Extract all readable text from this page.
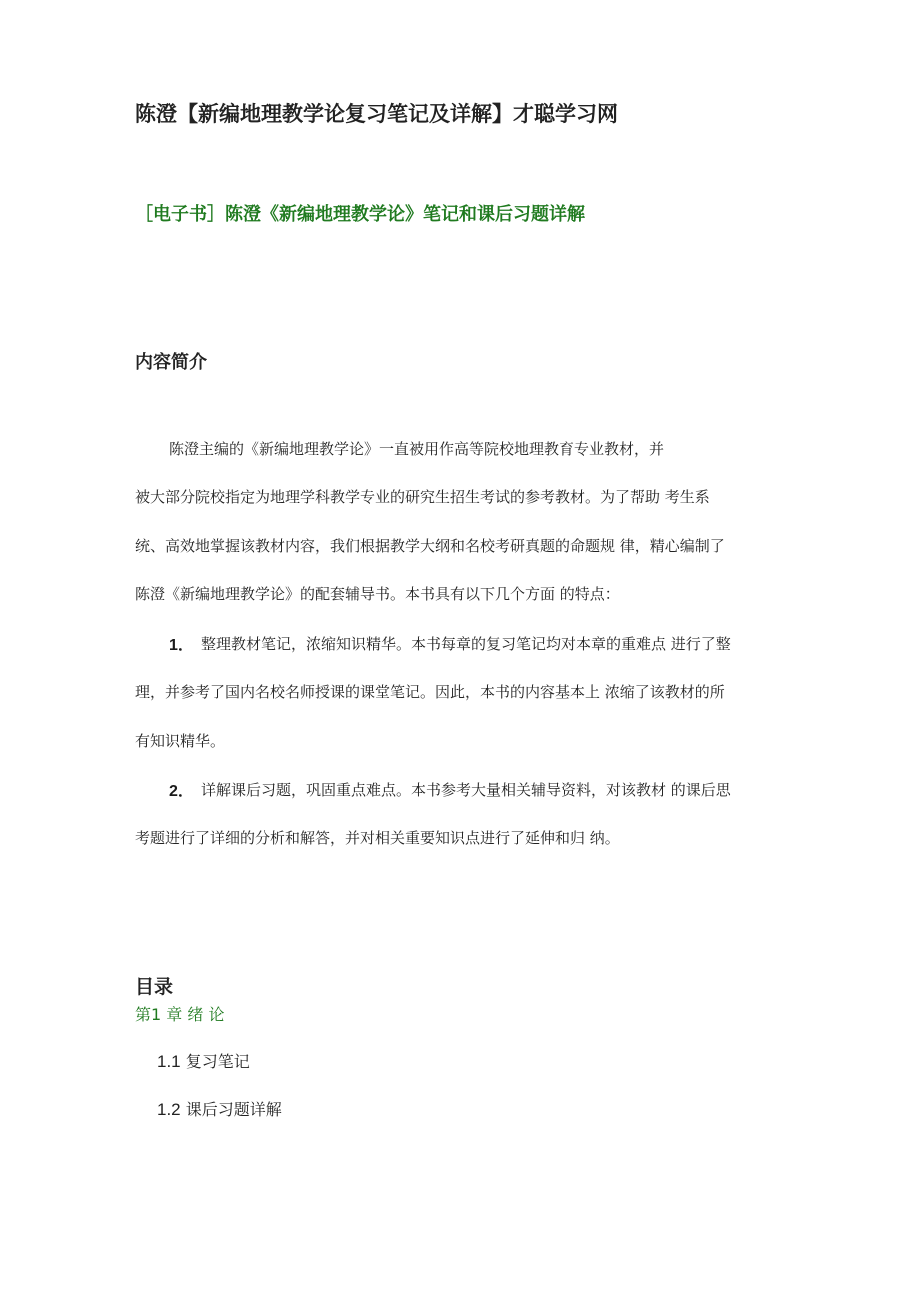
陈澄【新编地理教学论复习笔记及详解】才聪学习网
［电子书］陈澄《新编地理教学论》笔记和课后习题详解
内容简介
陈澄主编的《新编地理教学论》一直被用作高等院校地理教育专业教材，并
被大部分院校指定为地理学科教学专业的研究生招生考试的参考教材。为了帮助 考生系
统、高效地掌握该教材内容，我们根据教学大纲和名校考研真题的命题规 律，精心编制了
陈澄《新编地理教学论》的配套辅导书。本书具有以下几个方面 的特点：
1． 整理教材笔记，浓缩知识精华。本书每章的复习笔记均对本章的重难点 进行了整
理，并参考了国内名校名师授课的课堂笔记。因此，本书的内容基本上 浓缩了该教材的所
有知识精华。
2． 详解课后习题，巩固重点难点。本书参考大量相关辅导资料，对该教材 的课后思
考题进行了详细的分析和解答，并对相关重要知识点进行了延伸和归 纳。
目录
第1 章 绪 论
1.1 复习笔记
1.2 课后习题详解
